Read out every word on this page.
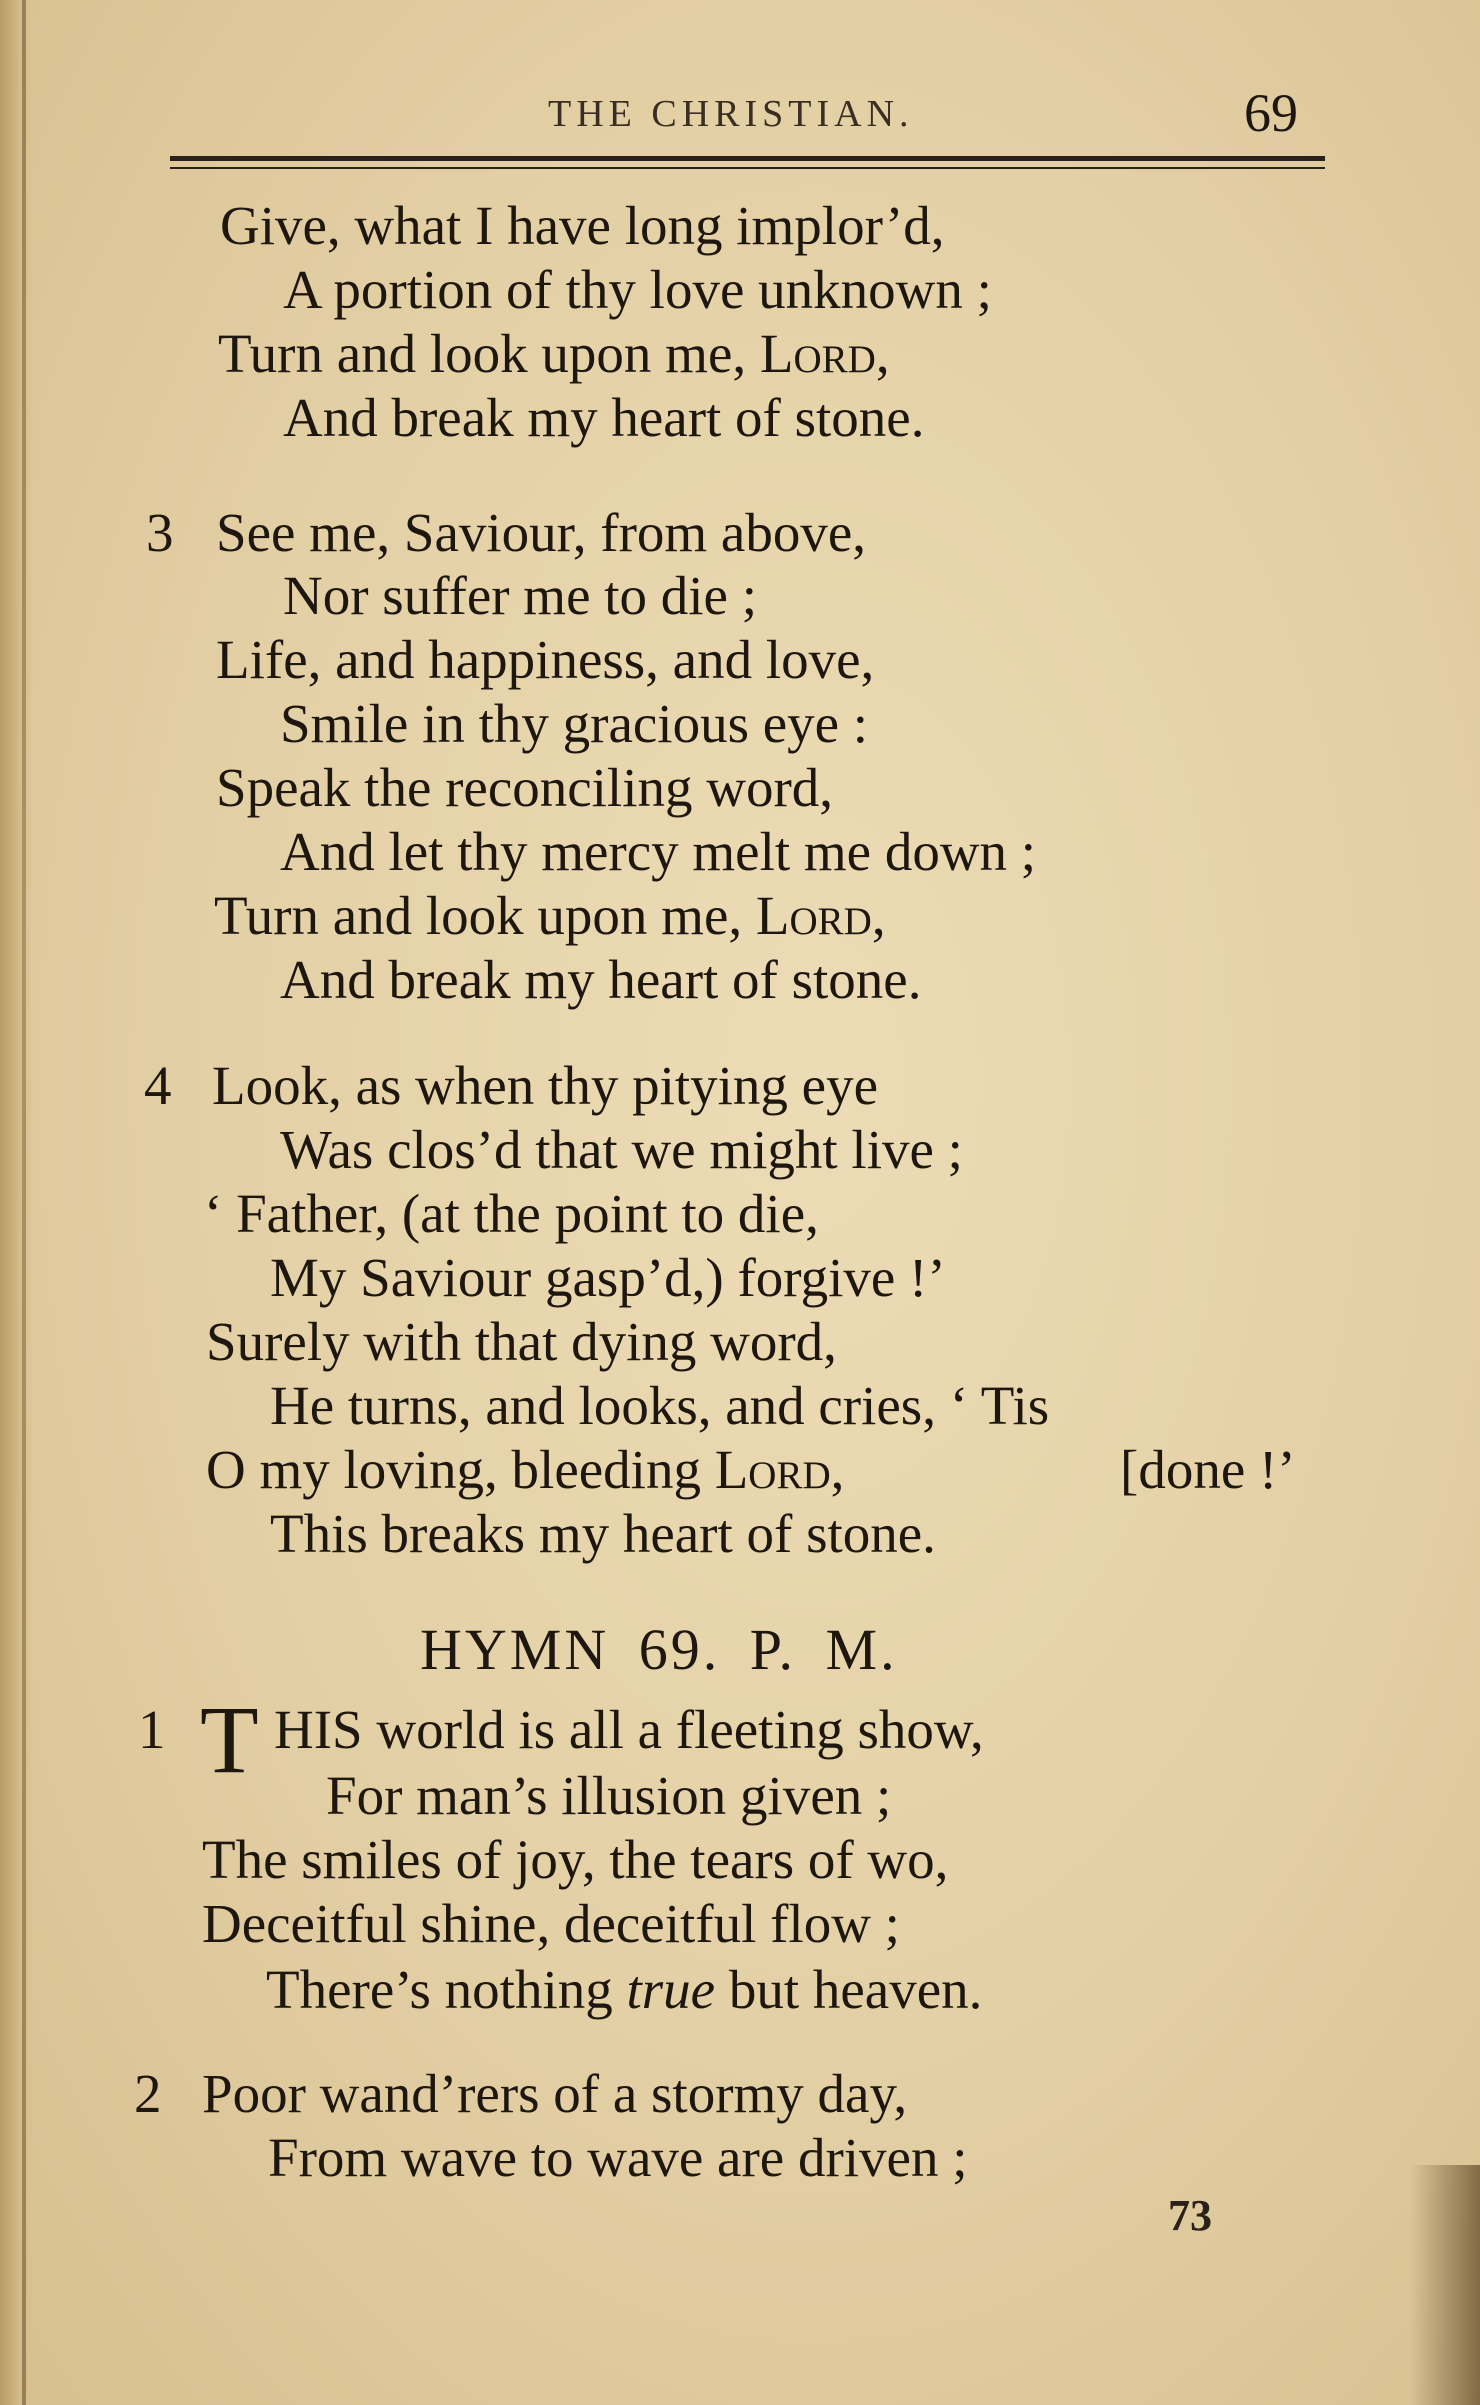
THE CHRISTIAN.	69
Give, what I have long implor’d,
A portion of thy love unknown ;
Turn and look upon me, Lord,
And break my heart of stone.
3 See me, Saviour, from above,
Nor suffer me to die ;
Life, and happiness, and love,
Smile in thy gracious eye :
Speak the reconciling word,
And let thy mercy melt me down ;
Turn and look upon me, Lord,
And break my heart of stone.
4 Look, as when thy pitying eye
Was clos’d that we might live ;
‘ Father, (at the point to die,
My Saviour gasp’d,) forgive !’
Surely with that dying word,
He turns, and looks, and cries, ‘ Tis
O my loving, bleeding Lord,	[done !’
This breaks my heart of stone.
HYMN 69. P. M.
1 T HIS world is all a fleeting show,
For man’s illusion given ;
The smiles of joy, the tears of wo,
Deceitful shine, deceitful flow ;
There’s nothing true but heaven.
2 Poor wand’rers of a stormy day,
From wave to wave are driven ;
73
